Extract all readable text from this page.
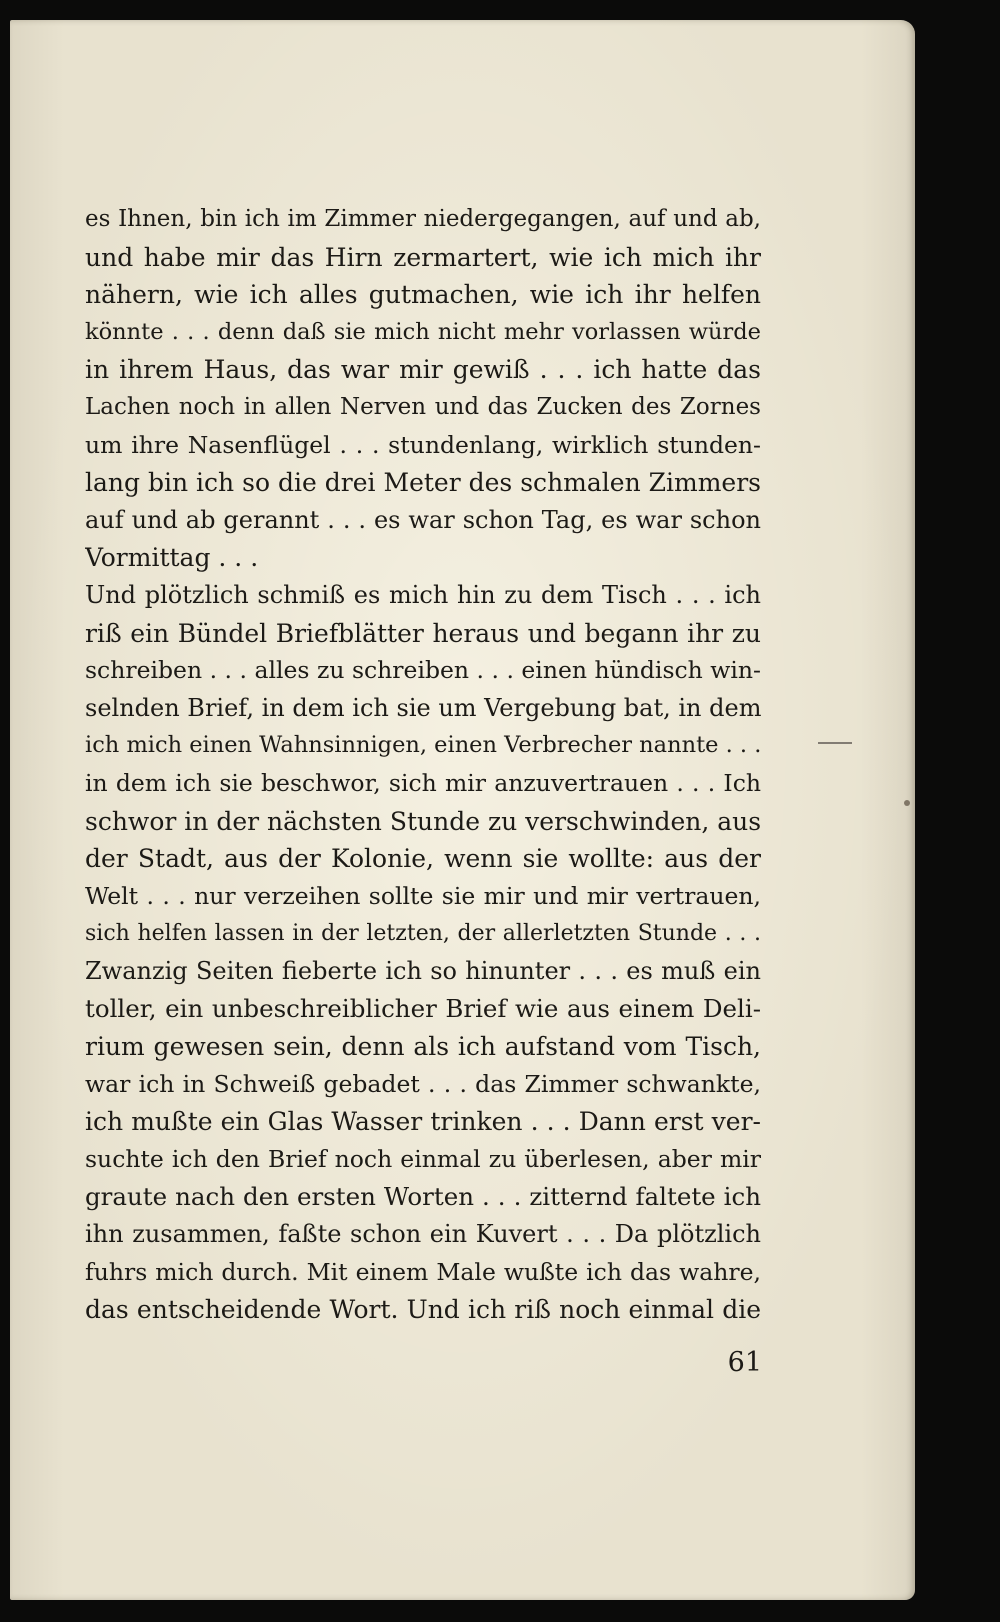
es Ihnen, bin ich im Zimmer niedergegangen, auf und ab,
und habe mir das Hirn zermartert, wie ich mich ihr
nähern, wie ich alles gutmachen, wie ich ihr helfen
könnte . . . denn daß sie mich nicht mehr vorlassen würde
in ihrem Haus, das war mir gewiß . . . ich hatte das
Lachen noch in allen Nerven und das Zucken des Zornes
um ihre Nasenflügel . . . stundenlang, wirklich stunden-
lang bin ich so die drei Meter des schmalen Zimmers
auf und ab gerannt . . . es war schon Tag, es war schon
Vormittag . . .
Und plötzlich schmiß es mich hin zu dem Tisch . . . ich
riß ein Bündel Briefblätter heraus und begann ihr zu
schreiben . . . alles zu schreiben . . . einen hündisch win-
selnden Brief, in dem ich sie um Vergebung bat, in dem
ich mich einen Wahnsinnigen, einen Verbrecher nannte . . .
in dem ich sie beschwor, sich mir anzuvertrauen . . . Ich
schwor in der nächsten Stunde zu verschwinden, aus
der Stadt, aus der Kolonie, wenn sie wollte: aus der
Welt . . . nur verzeihen sollte sie mir und mir vertrauen,
sich helfen lassen in der letzten, der allerletzten Stunde . . .
Zwanzig Seiten fieberte ich so hinunter . . . es muß ein
toller, ein unbeschreiblicher Brief wie aus einem Deli-
rium gewesen sein, denn als ich aufstand vom Tisch,
war ich in Schweiß gebadet . . . das Zimmer schwankte,
ich mußte ein Glas Wasser trinken . . . Dann erst ver-
suchte ich den Brief noch einmal zu überlesen, aber mir
graute nach den ersten Worten . . . zitternd faltete ich
ihn zusammen, faßte schon ein Kuvert . . . Da plötzlich
fuhrs mich durch. Mit einem Male wußte ich das wahre,
das entscheidende Wort. Und ich riß noch einmal die
61
